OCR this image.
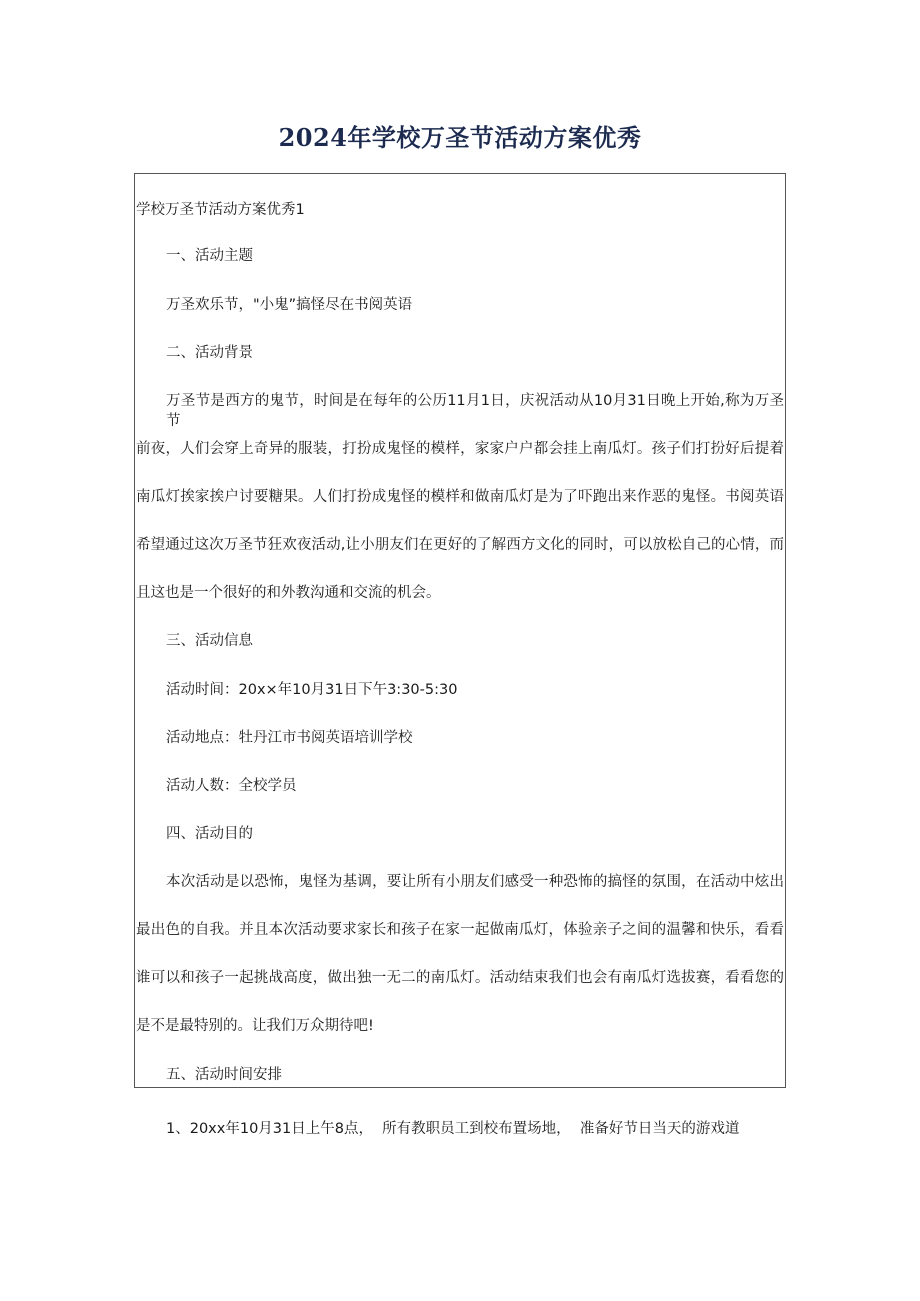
2024年学校万圣节活动方案优秀
学校万圣节活动方案优秀1
一、活动主题
万圣欢乐节，"小鬼”搞怪尽在书阅英语
二、活动背景
万圣节是西方的鬼节，时间是在每年的公历11月1日，庆祝活动从10月31日晚上开始,称为万圣节
前夜，人们会穿上奇异的服装，打扮成鬼怪的模样，家家户户都会挂上南瓜灯。孩子们打扮好后提着
南瓜灯挨家挨户讨要糖果。人们打扮成鬼怪的模样和做南瓜灯是为了吓跑出来作恶的鬼怪。书阅英语
希望通过这次万圣节狂欢夜活动,让小朋友们在更好的了解西方文化的同时，可以放松自己的心情，而
且这也是一个很好的和外教沟通和交流的机会。
三、活动信息
活动时间：20x×年10月31日下午3:30-5:30
活动地点：牡丹江市书阅英语培训学校
活动人数：全校学员
四、活动目的
本次活动是以恐怖，鬼怪为基调，要让所有小朋友们感受一种恐怖的搞怪的氛围，在活动中炫出
最出色的自我。并且本次活动要求家长和孩子在家一起做南瓜灯，体验亲子之间的温馨和快乐，看看
谁可以和孩子一起挑战高度，做出独一无二的南瓜灯。活动结束我们也会有南瓜灯选拔赛，看看您的
是不是最特别的。让我们万众期待吧!
五、活动时间安排
1、20xx年10月31日上午8点，  所有教职员工到校布置场地，  准备好节日当天的游戏道
